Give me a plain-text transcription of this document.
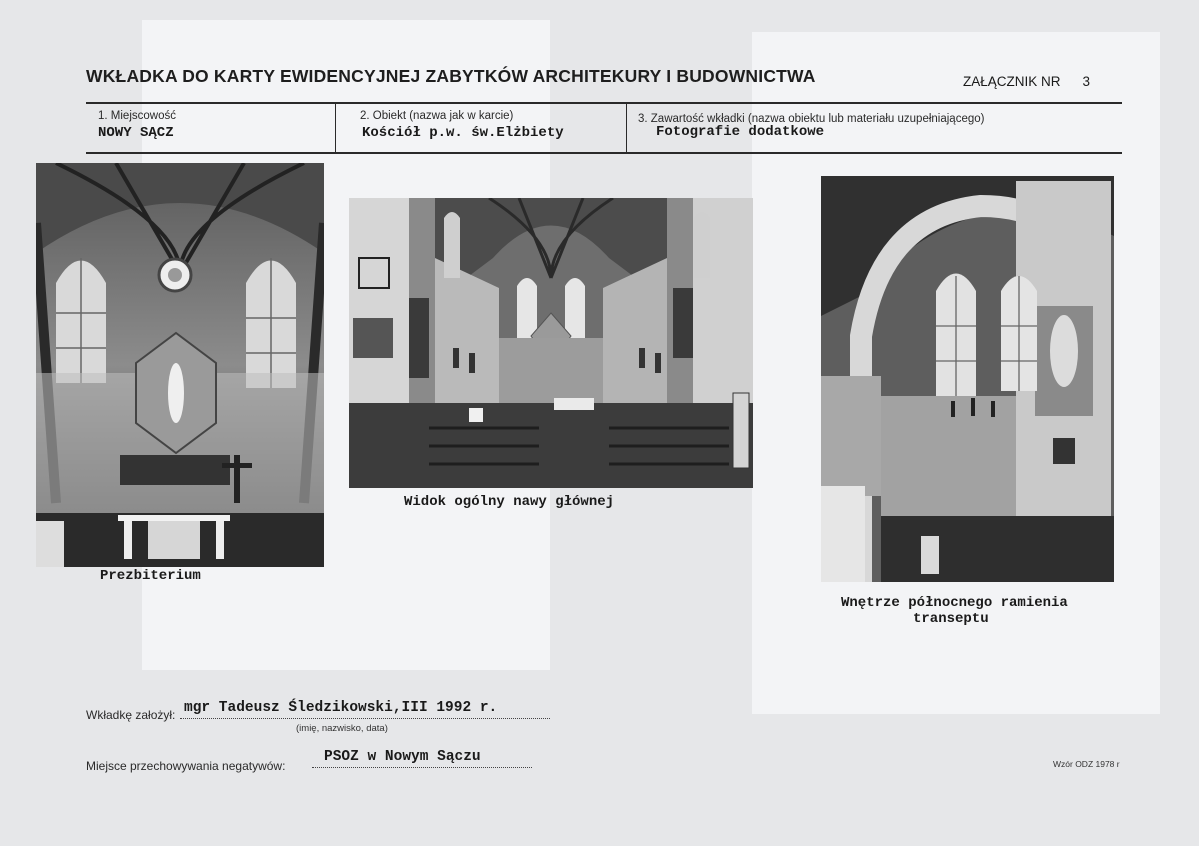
WKŁADKA DO KARTY EWIDENCYJNEJ ZABYTKÓW ARCHITEKURY I BUDOWNICTWA	ZAŁĄCZNIK NR 3
1. Miejscowość
NOWY SĄCZ
2. Obiekt (nazwa jak w karcie)
Kościół p.w. św.Elżbiety
3. Zawartość wkładki (nazwa obiektu lub materiału uzupełniającego)
Fotografie dodatkowe
Prezbiterium
Widok ogólny nawy głównej
Wnętrze północnego ramienia
transeptu
Wkładkę założył: mgr Tadeusz Śledzikowski,III 1992 r.
(imię, nazwisko, data)
Miejsce przechowywania negatywów:
PSOZ w Nowym Sączu	Wzór ODZ 1978 r
